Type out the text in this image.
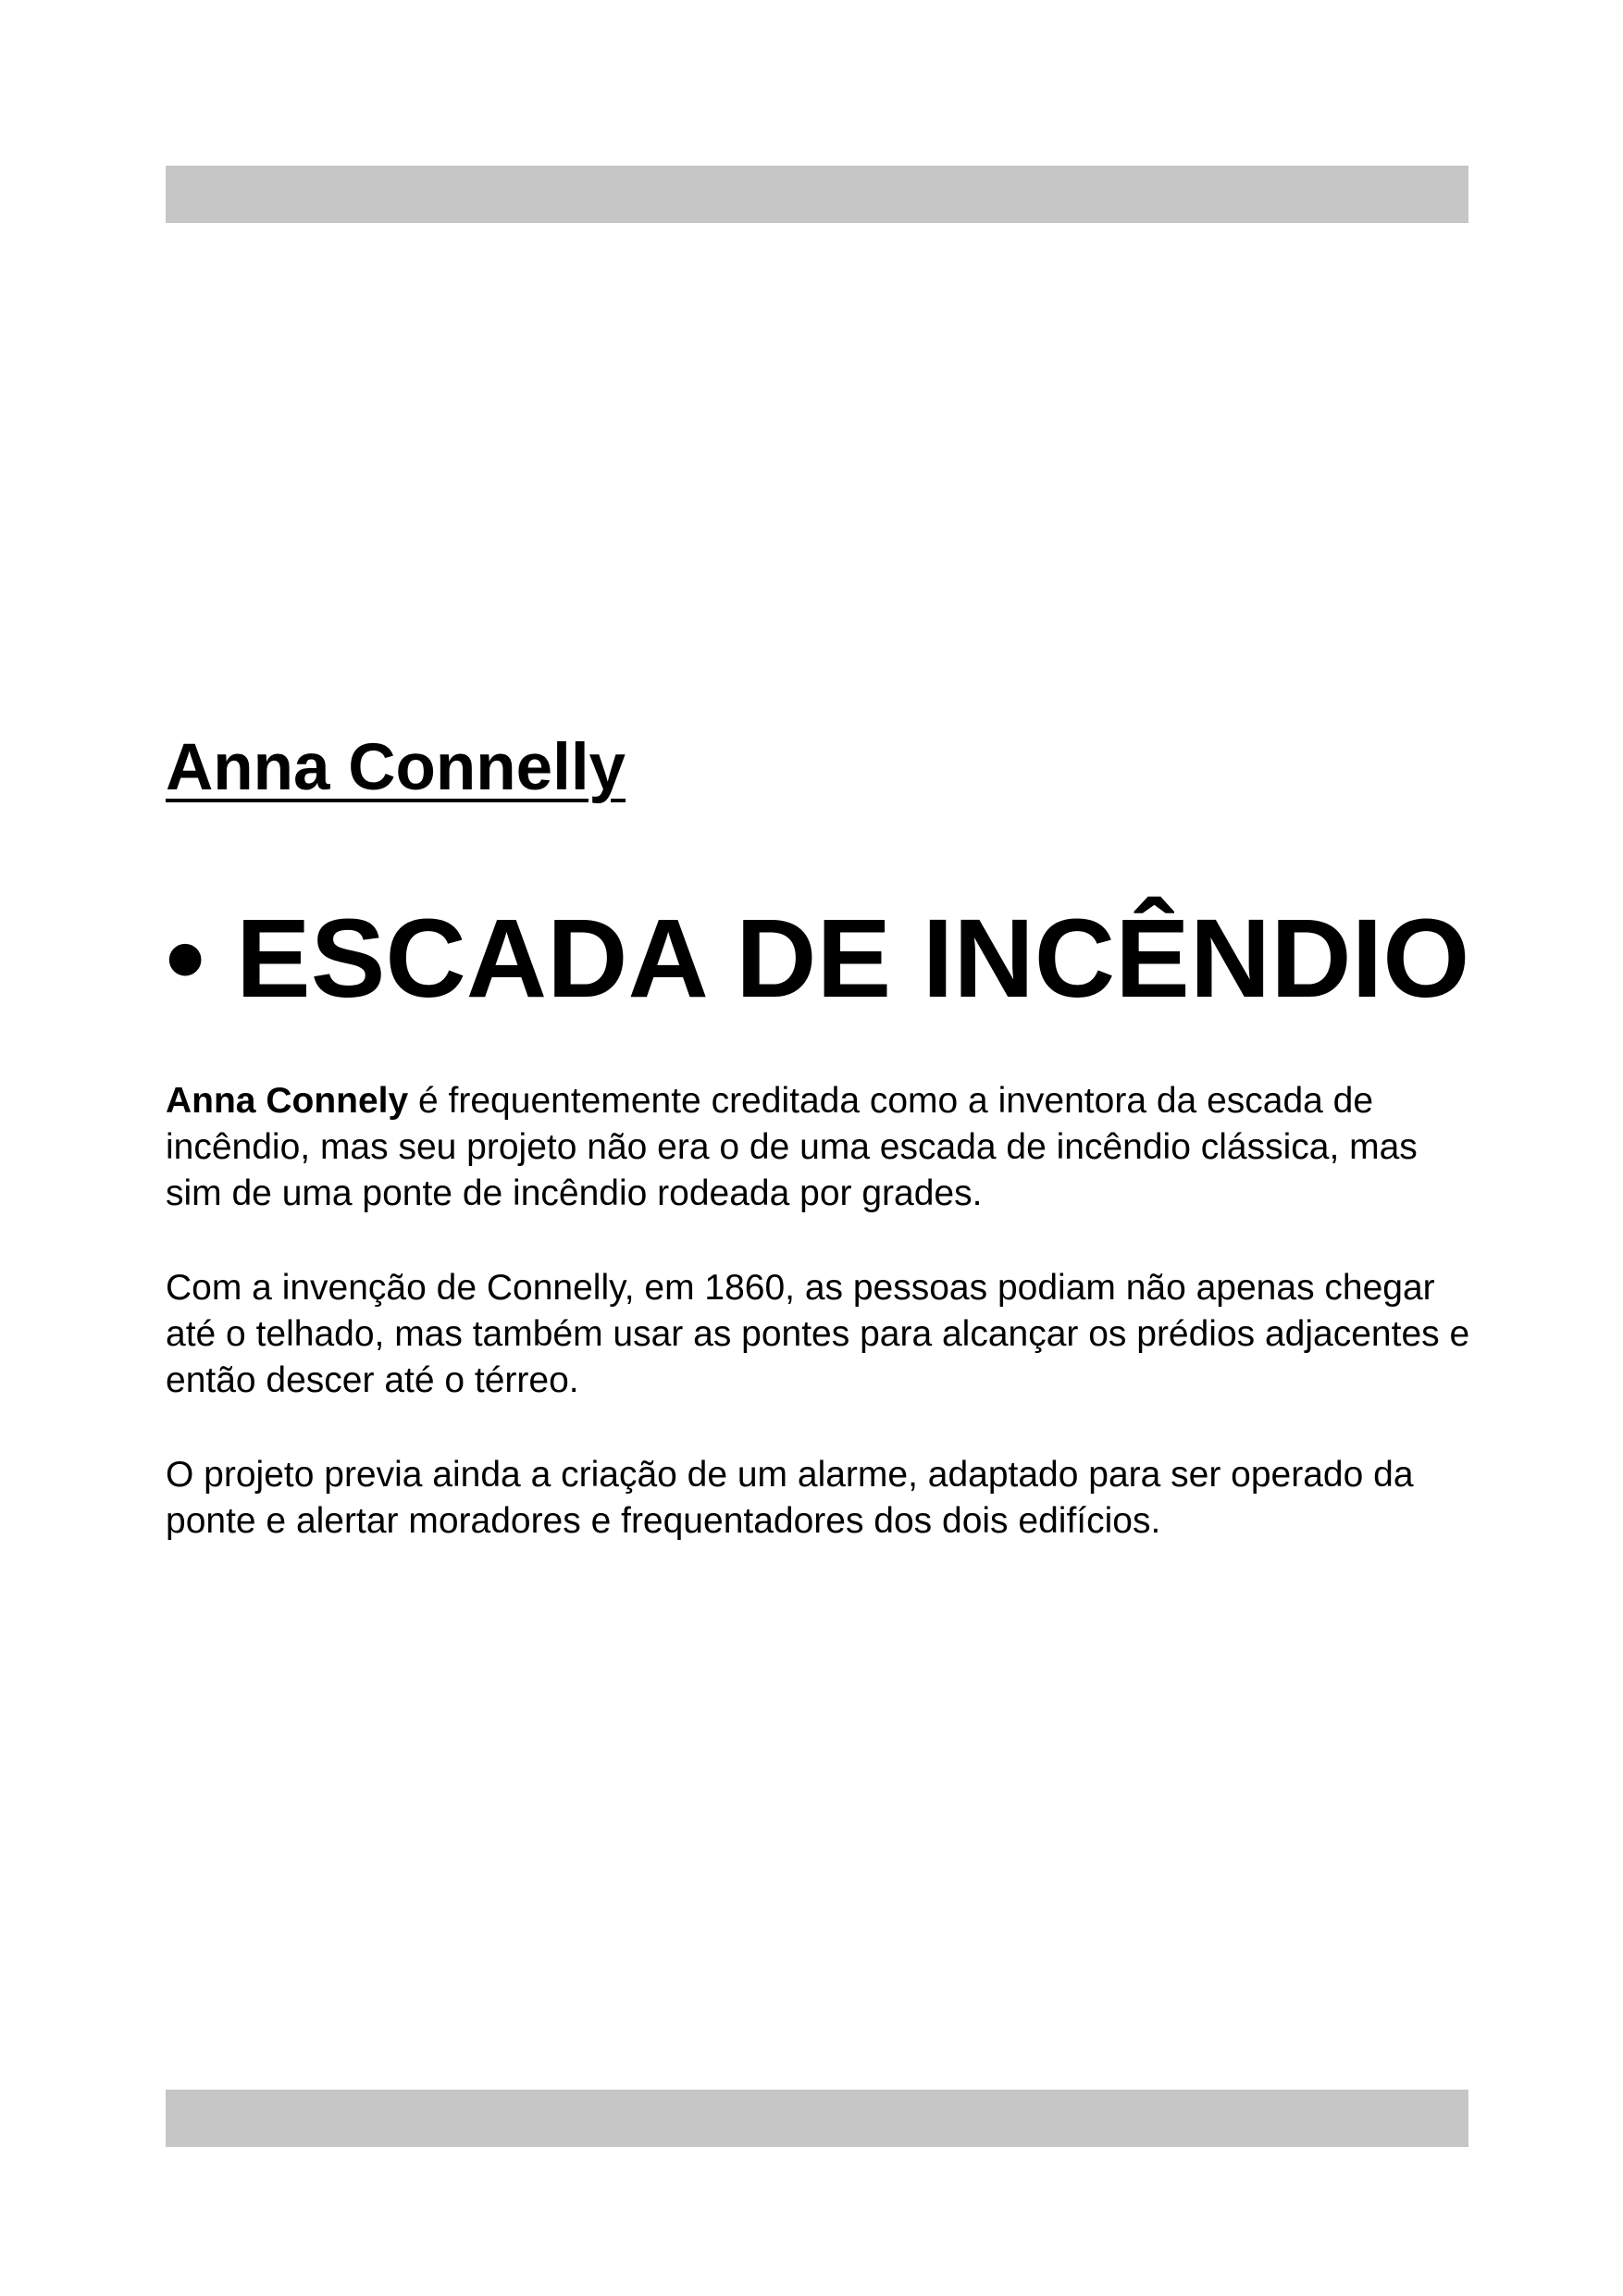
Anna Connelly
• ESCADA DE INCÊNDIO

Anna Connely é frequentemente creditada como a inventora da escada de incêndio, mas seu projeto não era o de uma escada de incêndio clássica, mas sim de uma ponte de incêndio rodeada por grades.

Com a invenção de Connelly, em 1860, as pessoas podiam não apenas chegar até o telhado, mas também usar as pontes para alcançar os prédios adjacentes e então descer até o térreo.

O projeto previa ainda a criação de um alarme, adaptado para ser operado da ponte e alertar moradores e frequentadores dos dois edifícios.
